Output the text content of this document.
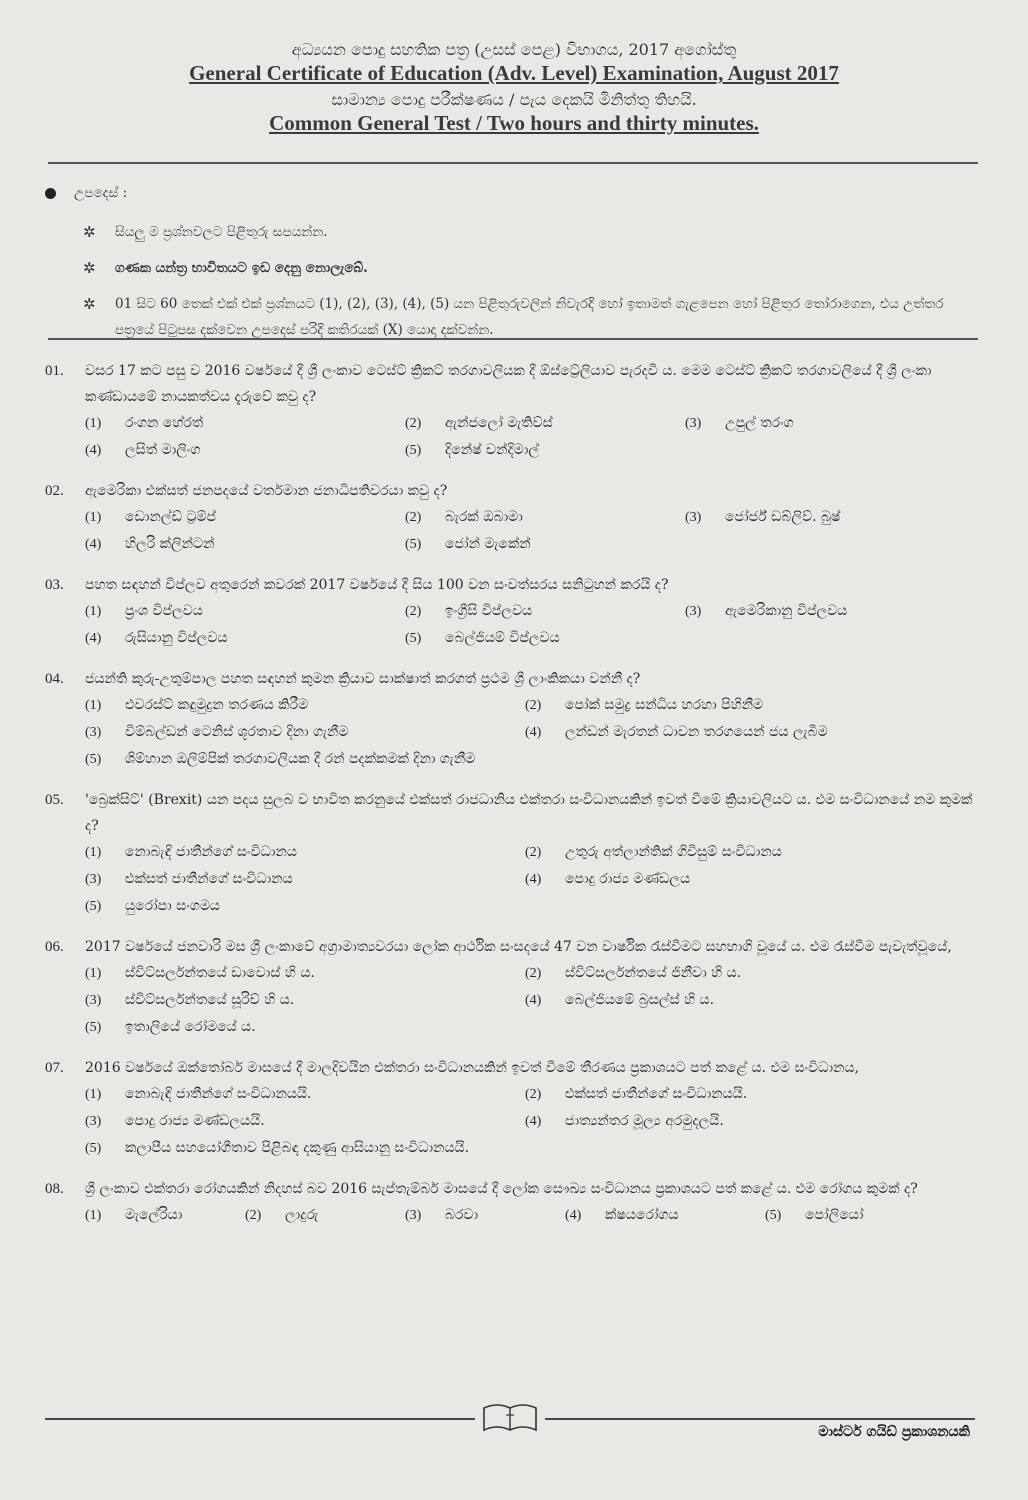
අධ්‍යයන පොදු සහතික පත්‍ර (උසස් පෙළ) විභාගය, 2017 අගෝස්තු
General Certificate of Education (Adv. Level) Examination, August 2017
සාමාන්‍ය පොදු පරීක්ෂණය / පැය දෙකයි මිනිත්තු තිහයි.
Common General Test / Two hours and thirty minutes.
උපදෙස් :
✲	සියලු ම ප්‍රශ්නවලට පිළිතුරු සපයන්න.
✲	ගණක යන්ත්‍ර භාවිතයට ඉඩ දෙනු නොලැබේ.
✲	01 සිට 60 තෙක් එක් එක් ප්‍රශ්නයට (1), (2), (3), (4), (5) යන පිළිතුරුවලින් නිවැරදි හෝ ඉතාමත් ගැළපෙන හෝ පිළිතුර තෝරාගෙන, එය උත්තර පත්‍රයේ පිටුපස දක්වෙන උපදෙස් පරිදි කතිරයක් (X) යොදා දක්වන්න.
01.	වසර 17 කට පසු ව 2016 වර්ෂයේ දී ශ්‍රී ලංකාව ටෙස්ට් ක්‍රිකට් තරගාවලියක දී ඕස්ට්‍රේලියාව පැරදවී ය. මෙම ටෙස්ට් ක්‍රිකට් තරගාවලියේ දී ශ්‍රී ලංකා කණ්ඩායමේ නායකත්වය දැරුවේ කවු ද?
(1)	රංගන හේරත්	(2)	ඇන්ජලෝ මැතිව්ස්	(3)	උපුල් තරංග
(4)	ලසිත් මාලිංග	(5)	දිනේෂ් චන්දිමාල්
02.	ඇමෙරිකා එක්සත් ජනපදයේ වර්තමාන ජනාධිපතිවරයා කවු ද?
(1)	ඩොනල්ඩ් ට්‍රම්ප්	(2)	බැරක් ඔබාමා	(3)	ජෝර්ජ් ඩබ්ලිව්. බුෂ්
(4)	හිලරි ක්ලින්ටන්	(5)	ජෝන් මැකේන්
03.	පහත සඳහන් විප්ලව අතුරෙන් කවරක් 2017 වර්ෂයේ දී සිය 100 වන සංවත්සරය සනිටුහන් කරයි ද?
(1)	ප්‍රංශ විප්ලවය	(2)	ඉංග්‍රීසි විප්ලවය	(3)	ඇමෙරිකානු විප්ලවය
(4)	රුසියානු විප්ලවය	(5)	බෙල්ජියම් විප්ලවය
04.	ජයන්ති කුරු-උතුම්පාල පහත සඳහන් කුමන ක්‍රියාව සාක්ෂාත් කරගත් ප්‍රථම ශ්‍රී ලාංකිකයා වන්නී ද?
(1)	එවරස්ට් කඳුමුදුන තරණය කිරීම	(2)	පෝක් සමුද්‍ර සන්ධිය හරහා පිහිනීම
(3)	විම්බල්ඩන් ටෙනිස් ශූරතාව දිනා ගැනීම	(4)	ලන්ඩන් මැරතන් ධාවන තරගයෙන් ජය ලැබීම
(5)	ශිම්හාන ඔලිම්පික් තරගාවලියක දී රන් පදක්කමක් දිනා ගැනීම
05.	'බ්‍රෙක්සිට්' (Brexit) යන පදය සුලබ ව භාවිත කරනුයේ එක්සත් රාජධානිය එක්තරා සංවිධානයකින් ඉවත් වීමේ ක්‍රියාවලියට ය. එම සංවිධානයේ නම කුමක් ද?
(1)	නොබැඳි ජාතීන්ගේ සංවිධානය	(2)	උතුරු අත්ලාන්තික් ගිවිසුම් සංවිධානය
(3)	එක්සත් ජාතීන්ගේ සංවිධානය	(4)	පොදු රාජ්‍ය මණ්ඩලය
(5)	යුරෝපා සංගමය
06.	2017 වර්ෂයේ ජනවාරි මස ශ්‍රී ලංකාවේ අග්‍රාමාත්‍යවරයා ලෝක ආර්ථික සංසදයේ 47 වන වාර්ෂික රැස්වීමට සහභාගි වූයේ ය. එම රැස්වීම පැවැත්වූයේ,
(1)	ස්විට්සර්ලන්තයේ ඩාවොස් හි ය.	(2)	ස්විට්සර්ලන්තයේ ජිනීවා හි ය.
(3)	ස්විට්සර්ලන්තයේ සූරිච් හි ය.	(4)	බෙල්ජියමේ බ්‍රසල්ස් හි ය.
(5)	ඉතාලියේ රෝමයේ ය.
07.	2016 වර්ෂයේ ඔක්තෝබර් මාසයේ දී මාලදිවයින එක්තරා සංවිධානයකින් ඉවත් වීමේ තීරණය ප්‍රකාශයට පත් කළේ ය. එම සංවිධානය,
(1)	නොබැඳි ජාතීන්ගේ සංවිධානයයි.	(2)	එක්සත් ජාතීන්ගේ සංවිධානයයි.
(3)	පොදු රාජ්‍ය මණ්ඩලයයි.	(4)	ජාත්‍යන්තර මූල්‍ය අරමුදලයි.
(5)	කලාපීය සහයෝගීතාව පිළිබඳ දකුණු ආසියානු සංවිධානයයි.
08.	ශ්‍රී ලංකාව එක්තරා රෝගයකින් නිදහස් බව 2016 සැප්තැම්බර් මාසයේ දී ලෝක සෞඛ්‍ය සංවිධානය ප්‍රකාශයට පත් කළේ ය. එම රෝගය කුමක් ද?
(1)	මැලේරියා	(2)	ලාදුරු	(3)	බරවා	(4)	ක්ෂයරෝගය	(5)	පෝලියෝ
මාස්ටර් ගයිඩ් ප්‍රකාශනයකි
